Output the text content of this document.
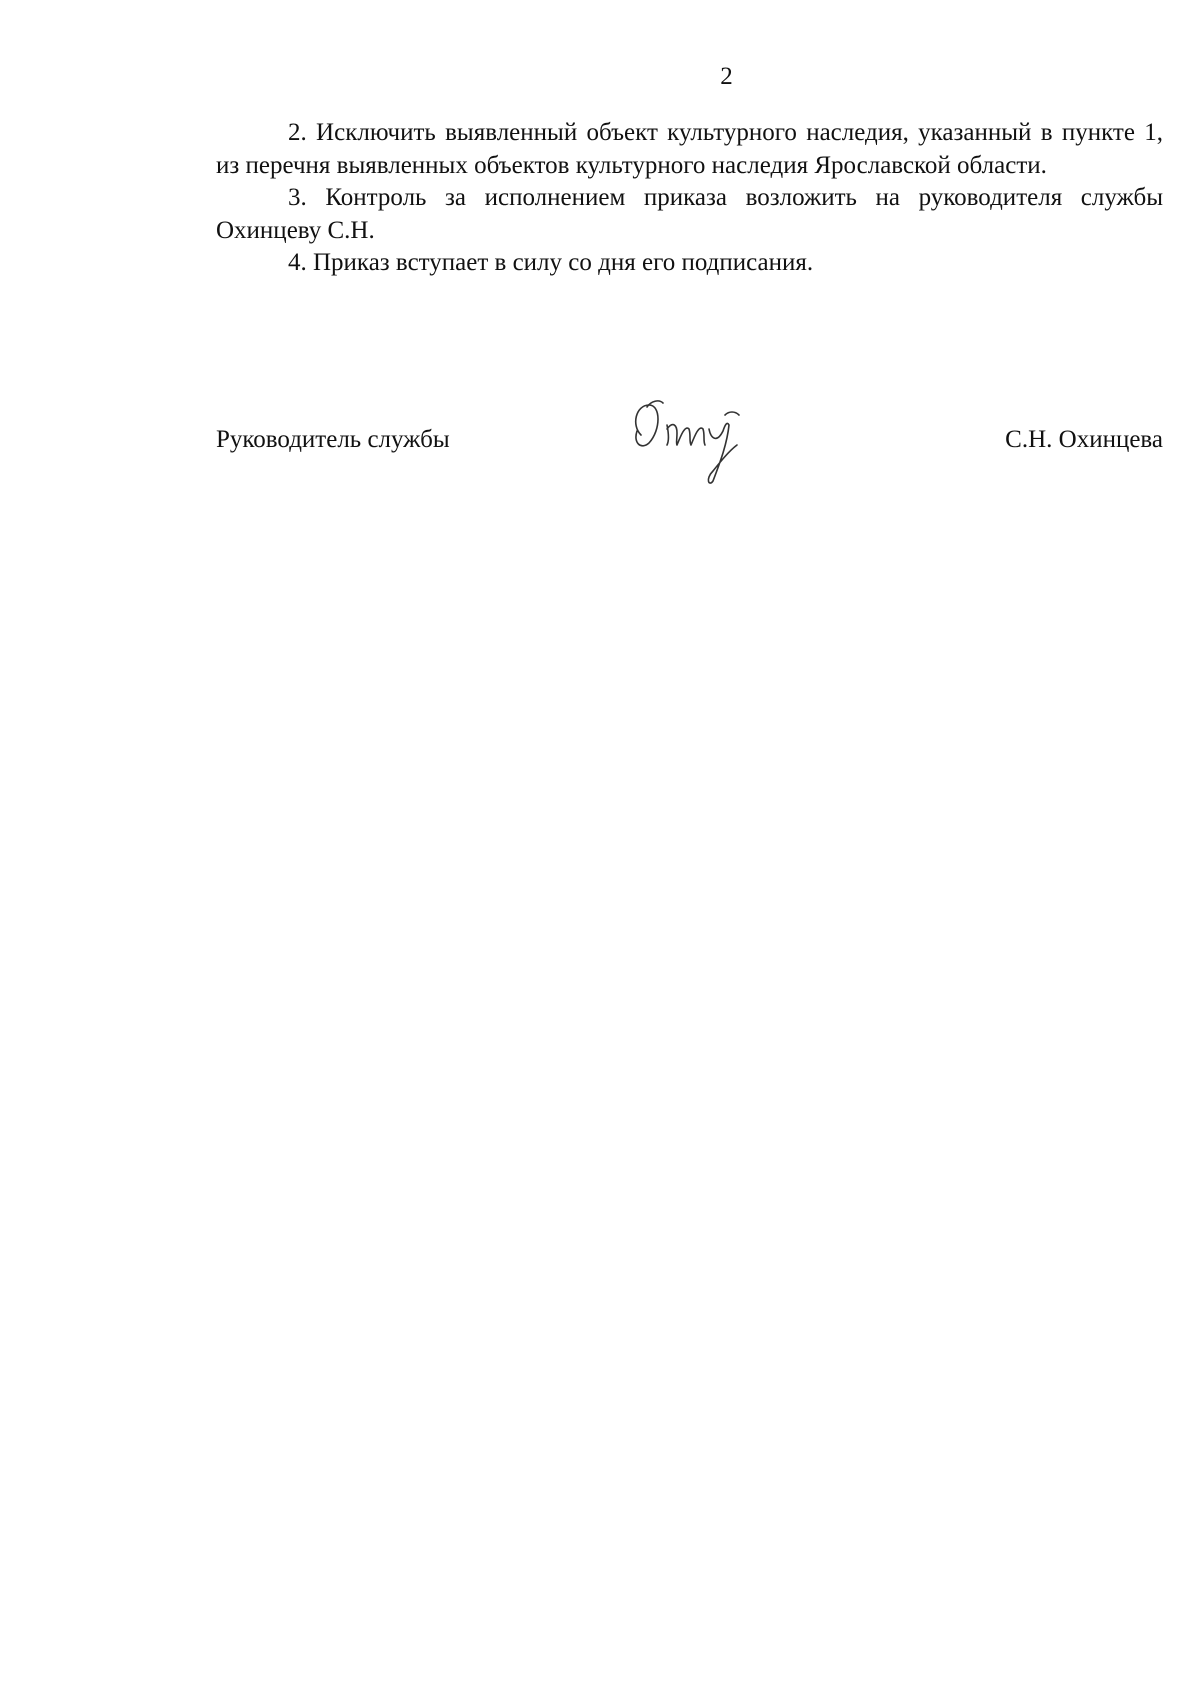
2

2. Исключить выявленный объект культурного наследия, указанный в пункте 1, из перечня выявленных объектов культурного наследия Ярославской области.

3. Контроль за исполнением приказа возложить на руководителя службы Охинцеву С.Н.

4. Приказ вступает в силу со дня его подписания.

Руководитель службы	С.Н. Охинцева
